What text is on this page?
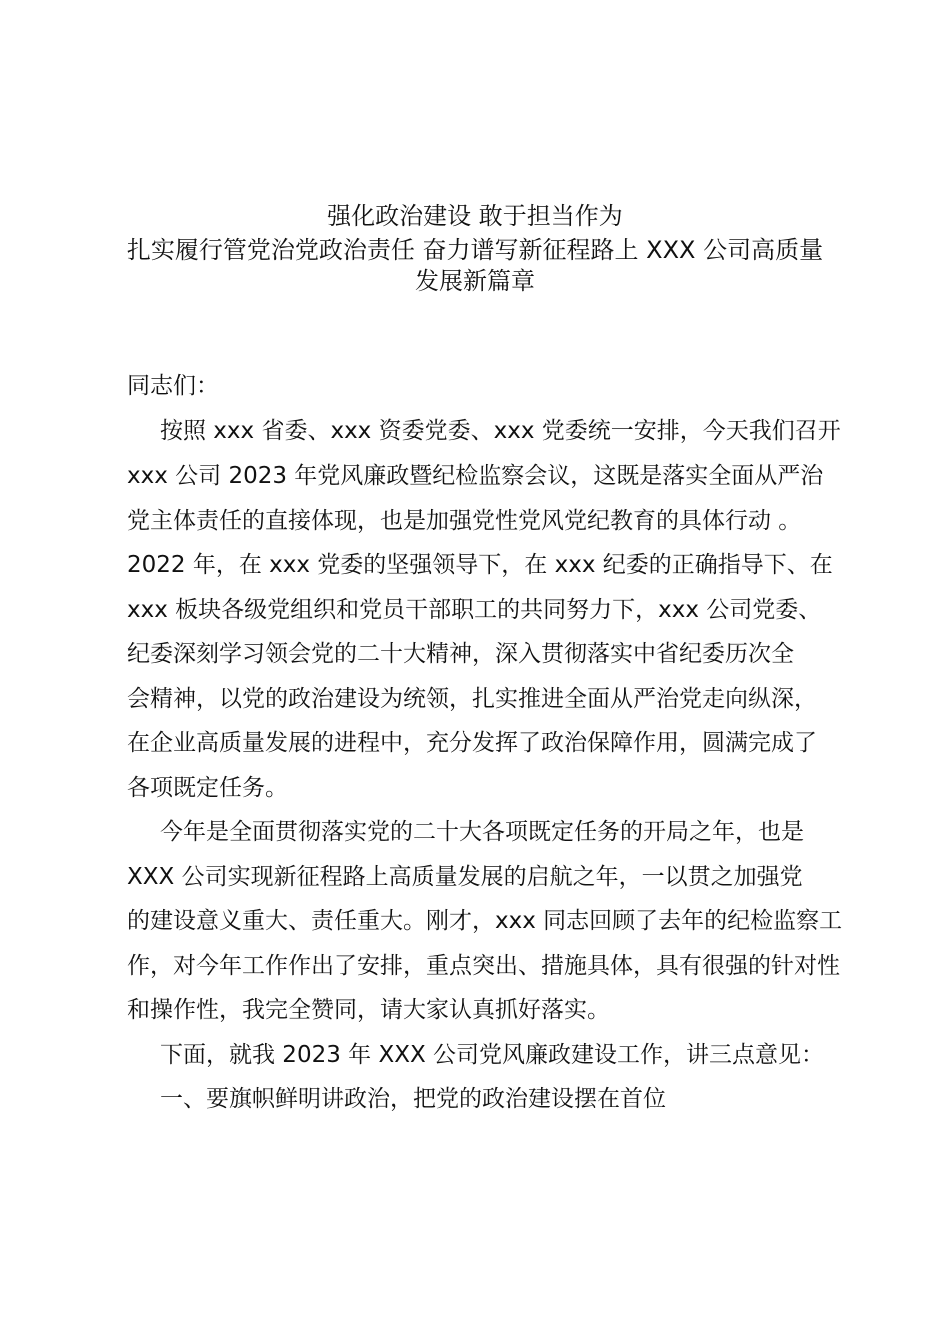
强化政治建设 敢于担当作为
扎实履行管党治党政治责任 奋力谱写新征程路上 XXX 公司高质量
发展新篇章
同志们：
按照 xxx 省委、xxx 资委党委、xxx 党委统一安排，今天我们召开
xxx 公司 2023 年党风廉政暨纪检监察会议，这既是落实全面从严治
党主体责任的直接体现，也是加强党性党风党纪教育的具体行动 。
2022 年，在 xxx 党委的坚强领导下，在 xxx 纪委的正确指导下、在
xxx 板块各级党组织和党员干部职工的共同努力下，xxx 公司党委、
纪委深刻学习领会党的二十大精神，深入贯彻落实中省纪委历次全
会精神，以党的政治建设为统领，扎实推进全面从严治党走向纵深，
在企业高质量发展的进程中，充分发挥了政治保障作用，圆满完成了
各项既定任务。
今年是全面贯彻落实党的二十大各项既定任务的开局之年，也是
XXX 公司实现新征程路上高质量发展的启航之年，一以贯之加强党
的建设意义重大、责任重大。刚才，xxx 同志回顾了去年的纪检监察工
作，对今年工作作出了安排，重点突出、措施具体，具有很强的针对性
和操作性，我完全赞同，请大家认真抓好落实。
下面，就我 2023 年 XXX 公司党风廉政建设工作，讲三点意见：
一、要旗帜鲜明讲政治，把党的政治建设摆在首位
